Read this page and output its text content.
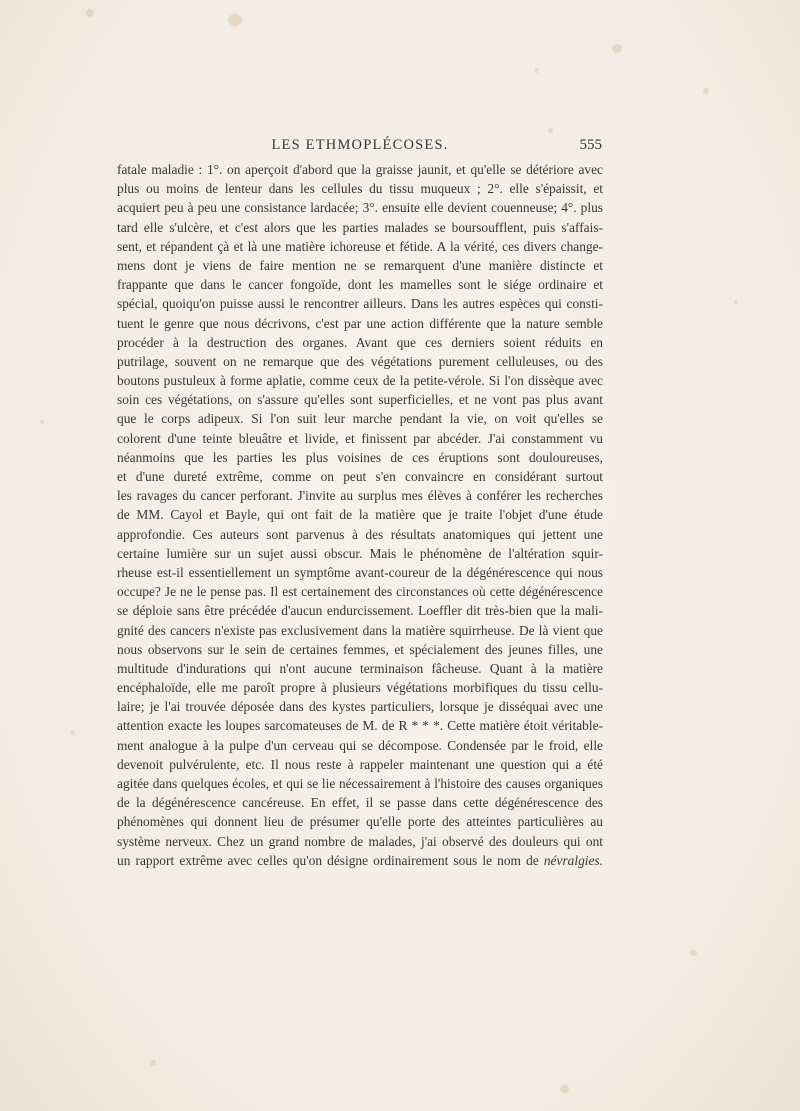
LES ETHMOPLÉCOSES.	555
fatale maladie : 1°. on aperçoit d'abord que la graisse jaunit, et qu'elle se détériore avec
plus ou moins de lenteur dans les cellules du tissu muqueux ; 2°. elle s'épaissit, et
acquiert peu à peu une consistance lardacée; 3°. ensuite elle devient couenneuse; 4°. plus
tard elle s'ulcère, et c'est alors que les parties malades se boursoufflent, puis s'affais-
sent, et répandent çà et là une matière ichoreuse et fétide. A la vérité, ces divers change-
mens dont je viens de faire mention ne se remarquent d'une manière distincte et
frappante que dans le cancer fongoïde, dont les mamelles sont le siége ordinaire et
spécial, quoiqu'on puisse aussi le rencontrer ailleurs. Dans les autres espèces qui consti-
tuent le genre que nous décrivons, c'est par une action différente que la nature semble
procéder à la destruction des organes. Avant que ces derniers soient réduits en
putrilage, souvent on ne remarque que des végétations purement celluleuses, ou des
boutons pustuleux à forme aplatie, comme ceux de la petite-vérole. Si l'on dissèque avec
soin ces végétations, on s'assure qu'elles sont superficielles, et ne vont pas plus avant
que le corps adipeux. Si l'on suit leur marche pendant la vie, on voit qu'elles se
colorent d'une teinte bleuâtre et livide, et finissent par abcéder. J'ai constamment vu
néanmoins que les parties les plus voisines de ces éruptions sont douloureuses,
et d'une dureté extrême, comme on peut s'en convaincre en considérant surtout
les ravages du cancer perforant. J'invite au surplus mes élèves à conférer les recherches
de MM. Cayol et Bayle, qui ont fait de la matière que je traite l'objet d'une étude
approfondie. Ces auteurs sont parvenus à des résultats anatomiques qui jettent une
certaine lumière sur un sujet aussi obscur. Mais le phénomène de l'altération squir-
rheuse est-il essentiellement un symptôme avant-coureur de la dégénérescence qui nous
occupe? Je ne le pense pas. Il est certainement des circonstances où cette dégénérescence
se déploie sans être précédée d'aucun endurcissement. Loeffler dit très-bien que la mali-
gnité des cancers n'existe pas exclusivement dans la matière squirrheuse. De là vient que
nous observons sur le sein de certaines femmes, et spécialement des jeunes filles, une
multitude d'indurations qui n'ont aucune terminaison fâcheuse. Quant à la matière
encéphaloïde, elle me paroît propre à plusieurs végétations morbifiques du tissu cellu-
laire; je l'ai trouvée déposée dans des kystes particuliers, lorsque je disséquai avec une
attention exacte les loupes sarcomateuses de M. de R * * *. Cette matière étoit véritable-
ment analogue à la pulpe d'un cerveau qui se décompose. Condensée par le froid, elle
devenoit pulvérulente, etc. Il nous reste à rappeler maintenant une question qui a été
agitée dans quelques écoles, et qui se lie nécessairement à l'histoire des causes organiques
de la dégénérescence cancéreuse. En effet, il se passe dans cette dégénérescence des
phénomènes qui donnent lieu de présumer qu'elle porte des atteintes particulières au
système nerveux. Chez un grand nombre de malades, j'ai observé des douleurs qui ont
un rapport extrême avec celles qu'on désigne ordinairement sous le nom de névralgies.
